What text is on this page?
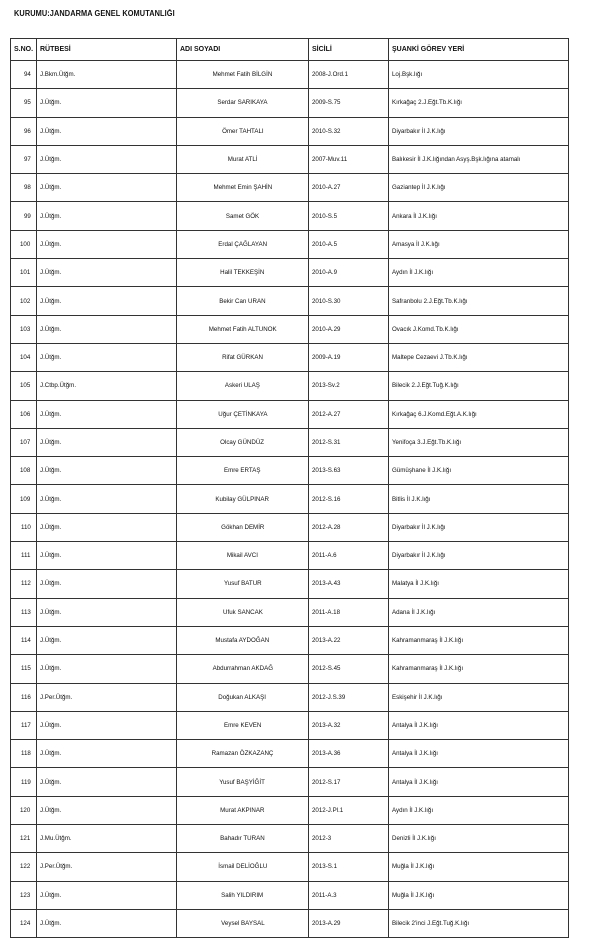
KURUMU:JANDARMA GENEL KOMUTANLIĞI
S.NO.	RÜTBESİ	ADI SOYADI	SİCİLİ	ŞUANKİ GÖREV YERİ
94	J.Bkm.Ütğm.	Mehmet Fatih BİLGİN	2008-J.Ord.1	Loj.Bşk.lığı
95	J.Ütğm.	Serdar SARIKAYA	2009-S.75	Kırkağaç 2.J.Eğt.Tb.K.lığı
96	J.Ütğm.	Ömer TAHTALI	2010-S.32	Diyarbakır İl J.K.lığı
97	J.Ütğm.	Murat ATLİ	2007-Muv.11	Balıkesir İl J.K.lığından Asyş.Bşk.lığına atamalı
98	J.Ütğm.	Mehmet Emin ŞAHİN	2010-A.27	Gaziantep İl J.K.lığı
99	J.Ütğm.	Samet GÖK	2010-S.5	Ankara İl J.K.lığı
100	J.Ütğm.	Erdal ÇAĞLAYAN	2010-A.5	Amasya İl J.K.lığı
101	J.Ütğm.	Halil TEKKEŞİN	2010-A.9	Aydın İl J.K.lığı
102	J.Ütğm.	Bekir Can URAN	2010-S.30	Safranbolu 2.J.Eğt.Tb.K.lığı
103	J.Ütğm.	Mehmet Fatih ALTUNOK	2010-A.29	Ovacık J.Komd.Tb.K.lığı
104	J.Ütğm.	Rifat GÜRKAN	2009-A.19	Maltepe Cezaevi J.Tb.K.lığı
105	J.Ctbp.Ütğm.	Askeri ULAŞ	2013-Sv.2	Bilecik 2.J.Eğt.Tuğ.K.lığı
106	J.Ütğm.	Uğur ÇETİNKAYA	2012-A.27	Kırkağaç 6.J.Komd.Eğt.A.K.lığı
107	J.Ütğm.	Olcay GÜNDÜZ	2012-S.31	Yenifoça 3.J.Eğt.Tb.K.lığı
108	J.Ütğm.	Emre ERTAŞ	2013-S.63	Gümüşhane İl J.K.lığı
109	J.Ütğm.	Kubilay GÜLPINAR	2012-S.16	Bitlis İl J.K.lığı
110	J.Ütğm.	Gökhan DEMİR	2012-A.28	Diyarbakır İl J.K.lığı
111	J.Ütğm.	Mikail AVCI	2011-A.6	Diyarbakır İl J.K.lığı
112	J.Ütğm.	Yusuf BATUR	2013-A.43	Malatya İl J.K.lığı
113	J.Ütğm.	Ufuk SANCAK	2011-A.18	Adana İl J.K.lığı
114	J.Ütğm.	Mustafa AYDOĞAN	2013-A.22	Kahramanmaraş İl J.K.lığı
115	J.Ütğm.	Abdurrahman AKDAĞ	2012-S.45	Kahramanmaraş İl J.K.lığı
116	J.Per.Ütğm.	Doğukan ALKAŞI	2012-J.S.39	Eskişehir İl J.K.lığı
117	J.Ütğm.	Emre KEVEN	2013-A.32	Antalya İl J.K.lığı
118	J.Ütğm.	Ramazan ÖZKAZANÇ	2013-A.36	Antalya İl J.K.lığı
119	J.Ütğm.	Yusuf BAŞYİĞİT	2012-S.17	Antalya İl J.K.lığı
120	J.Ütğm.	Murat AKPINAR	2012-J.Pl.1	Aydın İl J.K.lığı
121	J.Mu.Ütğm.	Bahadır TURAN	2012-3	Denizli İl J.K.lığı
122	J.Per.Ütğm.	İsmail DELİOĞLU	2013-S.1	Muğla İl J.K.lığı
123	J.Ütğm.	Salih YILDIRIM	2011-A.3	Muğla İl J.K.lığı
124	J.Ütğm.	Veysel BAYSAL	2013-A.29	Bilecik 2'inci J.Eğt.Tuğ.K.lığı
